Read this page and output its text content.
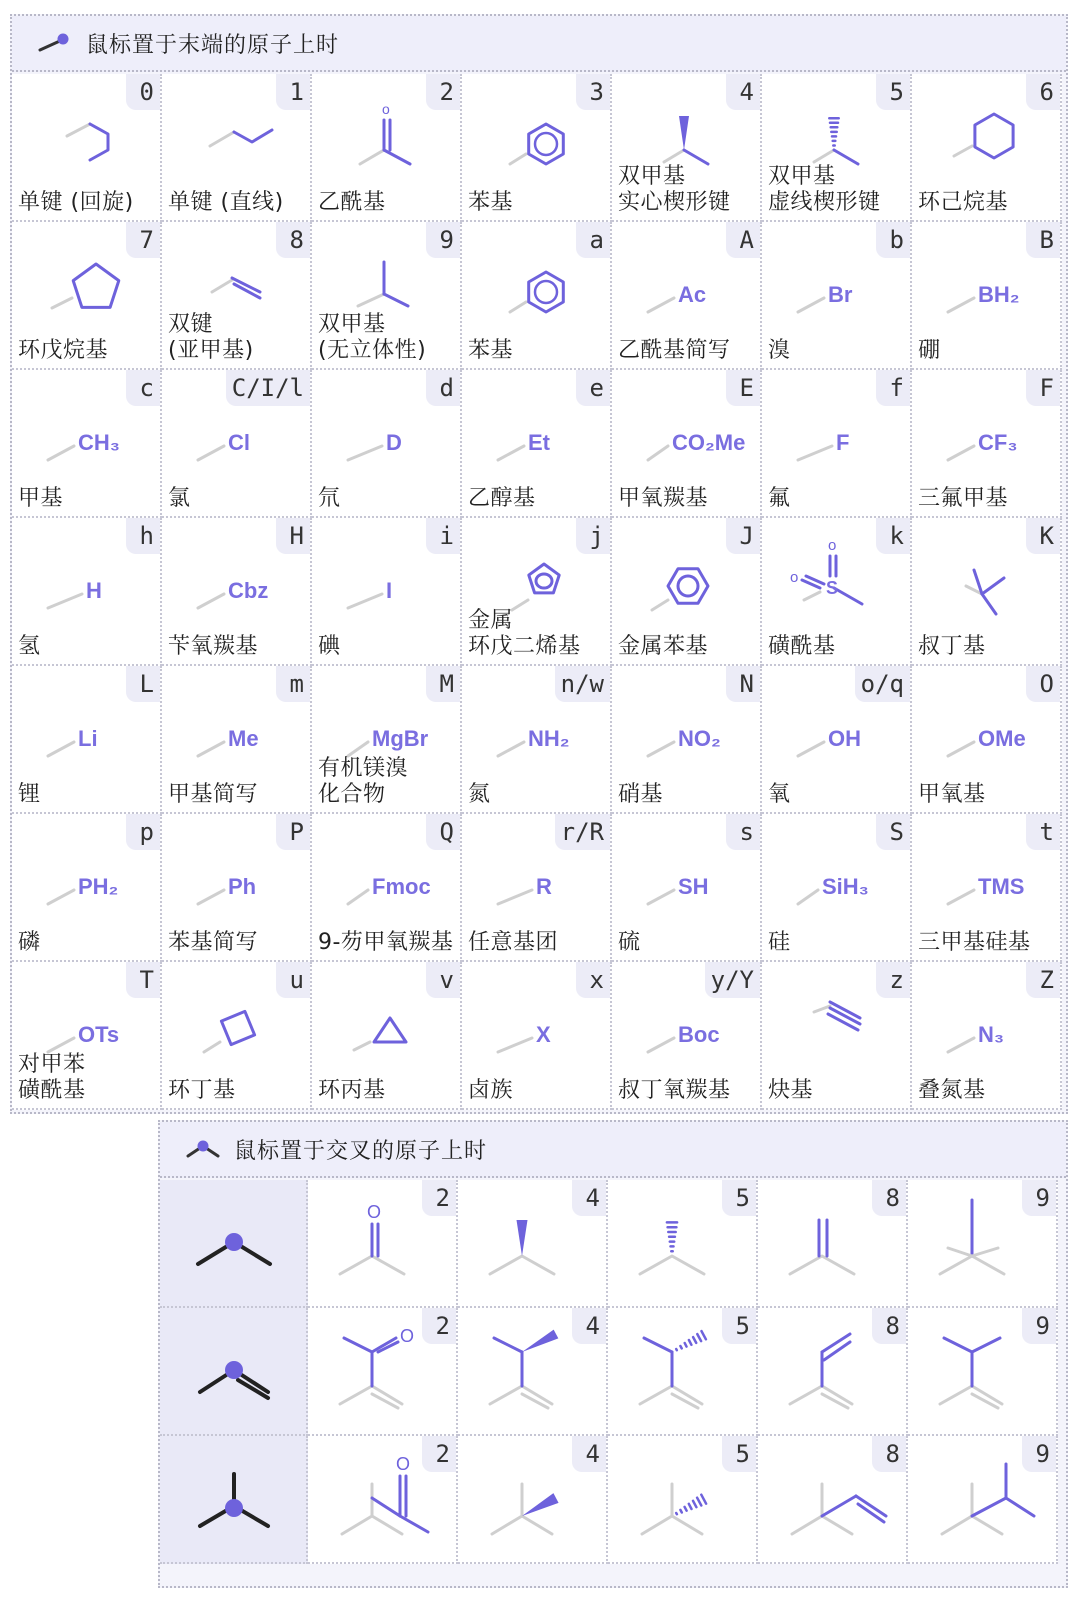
鼠标置于末端的原子上时
0
单键 (回旋)
1
单键 (直线)
o
2
乙酰基
3
苯基
4
双甲基
实心楔形键
5
双甲基
虚线楔形键
6
环己烷基
7
环戊烷基
8
双键
(亚甲基)
9
双甲基
(无立体性)
a
苯基
Ac
A
乙酰基简写
Br
b
溴
BH₂
B
硼
CH₃
c
甲基
Cl
C/I/l
氯
D
d
氘
Et
e
乙醇基
CO₂Me
E
甲氧羰基
F
f
氟
CF₃
F
三氟甲基
H
h
氢
Cbz
H
苄氧羰基
I
i
碘
j
金属
环戊二烯基
J
金属苯基
S
o
o
k
磺酰基
K
叔丁基
Li
L
锂
Me
m
甲基简写
MgBr
M
有机镁溴
化合物
NH₂
n/w
氮
NO₂
N
硝基
OH
o/q
氧
OMe
O
甲氧基
PH₂
p
磷
Ph
P
苯基简写
Fmoc
Q
9-芴甲氧羰基
R
r/R
任意基团
SH
s
硫
SiH₃
S
硅
TMS
t
三甲基硅基
OTs
T
对甲苯
磺酰基
u
环丁基
v
环丙基
X
x
卤族
Boc
y/Y
叔丁氧羰基
z
炔基
N₃
Z
叠氮基
鼠标置于交叉的原子上时
O	2	4	5	8	9
O 2	4	5	8	9
O	2	4	5	8	9
